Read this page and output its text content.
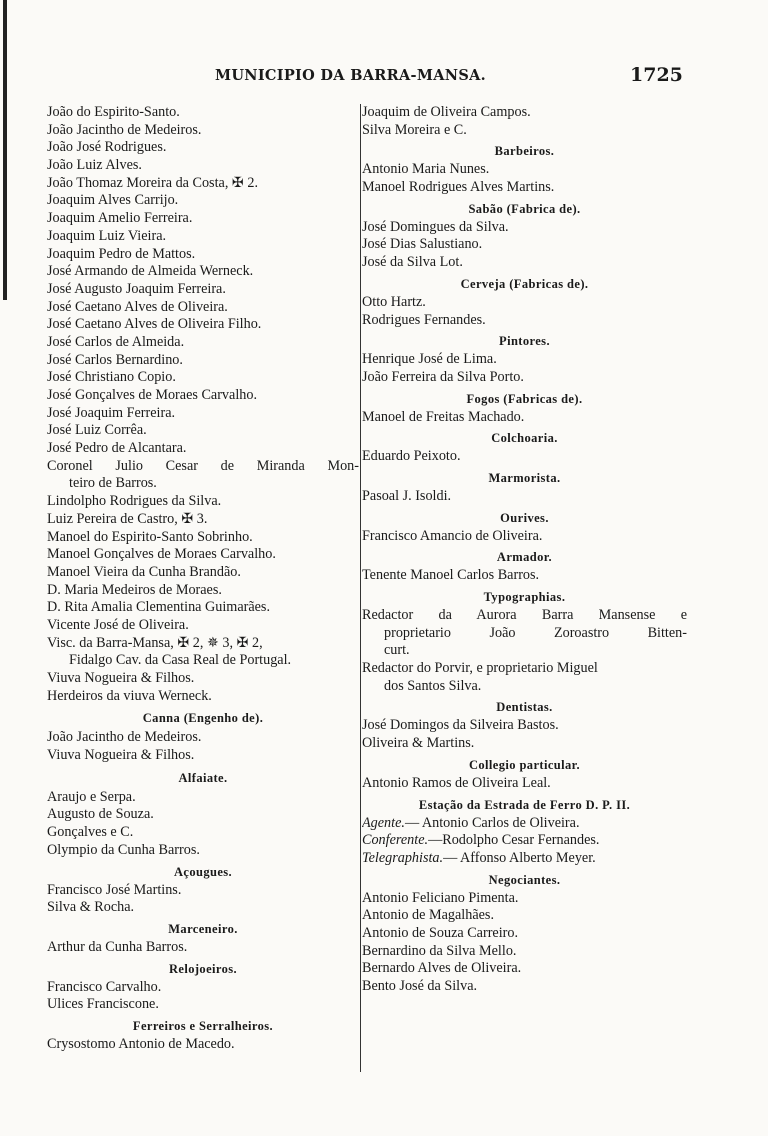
MUNICIPIO DA BARRA-MANSA.	1725
João do Espirito-Santo.
João Jacintho de Medeiros.
João José Rodrigues.
João Luiz Alves.
João Thomaz Moreira da Costa, ✠ 2.
Joaquim Alves Carrijo.
Joaquim Amelio Ferreira.
Joaquim Luiz Vieira.
Joaquim Pedro de Mattos.
José Armando de Almeida Werneck.
José Augusto Joaquim Ferreira.
José Caetano Alves de Oliveira.
José Caetano Alves de Oliveira Filho.
José Carlos de Almeida.
José Carlos Bernardino.
José Christiano Copio.
José Gonçalves de Moraes Carvalho.
José Joaquim Ferreira.
José Luiz Corrêa.
José Pedro de Alcantara.
Coronel Julio Cesar de Miranda Mon-
teiro de Barros.
Lindolpho Rodrigues da Silva.
Luiz Pereira de Castro, ✠ 3.
Manoel do Espirito-Santo Sobrinho.
Manoel Gonçalves de Moraes Carvalho.
Manoel Vieira da Cunha Brandão.
D. Maria Medeiros de Moraes.
D. Rita Amalia Clementina Guimarães.
Vicente José de Oliveira.
Visc. da Barra-Mansa, ✠ 2, ✵ 3, ✠ 2,
Fidalgo Cav. da Casa Real de Portugal.
Viuva Nogueira & Filhos.
Herdeiros da viuva Werneck.
Canna (Engenho de).
João Jacintho de Medeiros.
Viuva Nogueira & Filhos.
Alfaiate.
Araujo e Serpa.
Augusto de Souza.
Gonçalves e C.
Olympio da Cunha Barros.
Açougues.
Francisco José Martins.
Silva & Rocha.
Marceneiro.
Arthur da Cunha Barros.
Relojoeiros.
Francisco Carvalho.
Ulices Franciscone.
Ferreiros e Serralheiros.
Crysostomo Antonio de Macedo.
Joaquim de Oliveira Campos.
Silva Moreira e C.
Barbeiros.
Antonio Maria Nunes.
Manoel Rodrigues Alves Martins.
Sabão (Fabrica de).
José Domingues da Silva.
José Dias Salustiano.
José da Silva Lot.
Cerveja (Fabricas de).
Otto Hartz.
Rodrigues Fernandes.
Pintores.
Henrique José de Lima.
João Ferreira da Silva Porto.
Fogos (Fabricas de).
Manoel de Freitas Machado.
Colchoaria.
Eduardo Peixoto.
Marmorista.
Pasoal J. Isoldi.
Ourives.
Francisco Amancio de Oliveira.
Armador.
Tenente Manoel Carlos Barros.
Typographias.
Redactor da Aurora Barra Mansense e
proprietario João Zoroastro Bitten-
curt.
Redactor do Porvir, e proprietario Miguel
dos Santos Silva.
Dentistas.
José Domingos da Silveira Bastos.
Oliveira & Martins.
Collegio particular.
Antonio Ramos de Oliveira Leal.
Estação da Estrada de Ferro D. P. II.
Agente.— Antonio Carlos de Oliveira.
Conferente.—Rodolpho Cesar Fernandes.
Telegraphista.— Affonso Alberto Meyer.
Negociantes.
Antonio Feliciano Pimenta.
Antonio de Magalhães.
Antonio de Souza Carreiro.
Bernardino da Silva Mello.
Bernardo Alves de Oliveira.
Bento José da Silva.
